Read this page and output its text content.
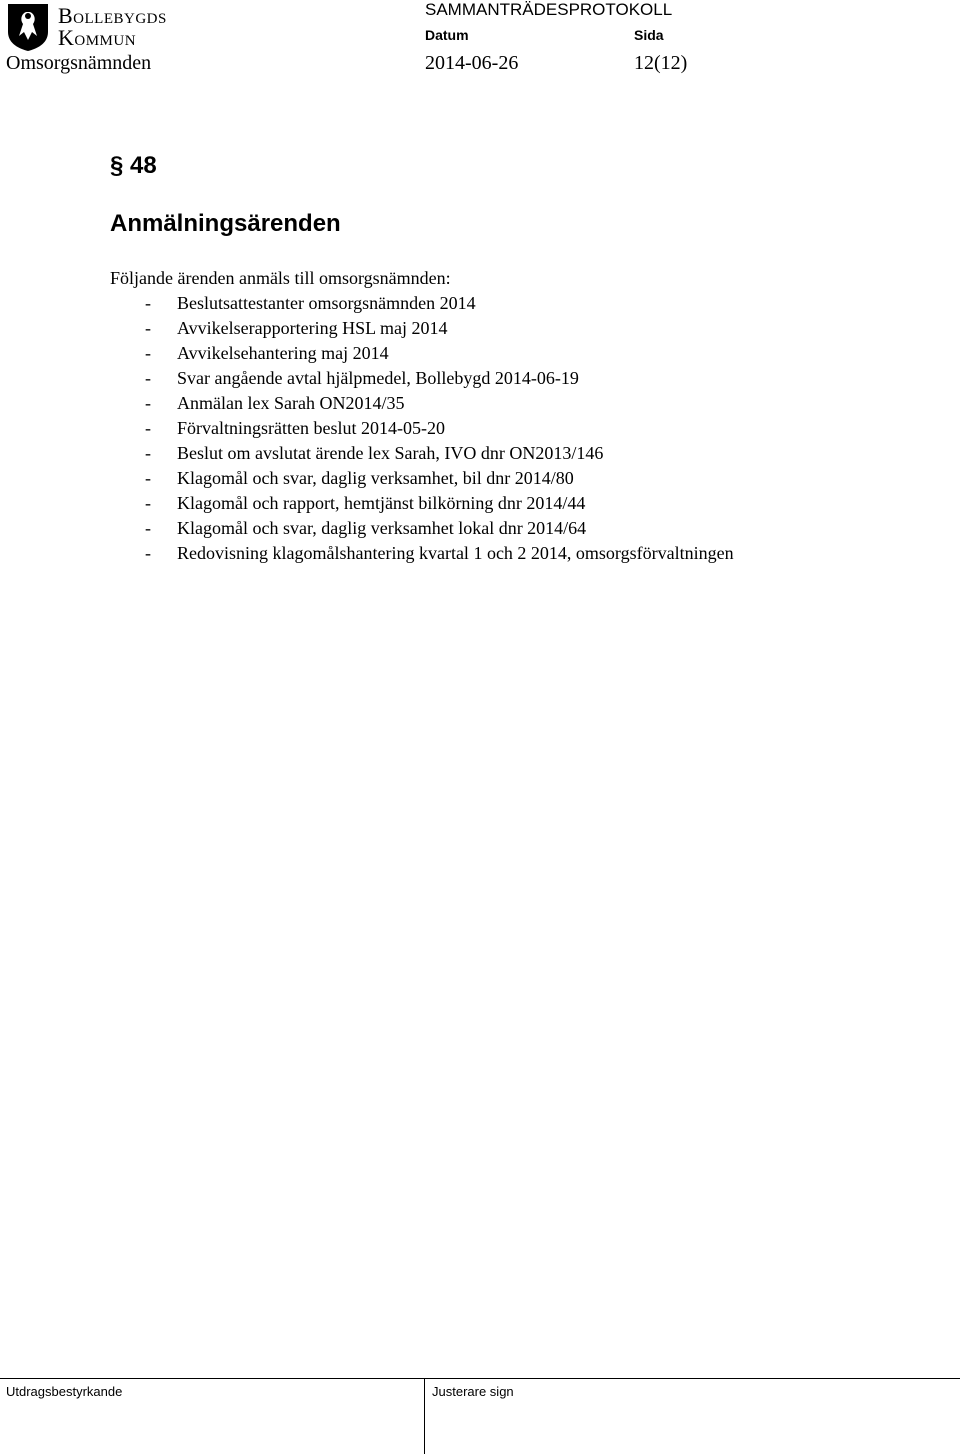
Bollebygds
Kommun
SAMMANTRÄDESPROTOKOLL
Datum	Sida
Omsorgsnämnden	2014-06-26	12(12)
§ 48
Anmälningsärenden
Följande ärenden anmäls till omsorgsnämnden:
- Beslutsattestanter omsorgsnämnden 2014
- Avvikelserapportering HSL maj 2014
- Avvikelsehantering maj 2014
- Svar angående avtal hjälpmedel, Bollebygd 2014-06-19
- Anmälan lex Sarah ON2014/35
- Förvaltningsrätten beslut 2014-05-20
- Beslut om avslutat ärende lex Sarah, IVO dnr ON2013/146
- Klagomål och svar, daglig verksamhet, bil dnr 2014/80
- Klagomål och rapport, hemtjänst bilkörning dnr 2014/44
- Klagomål och svar, daglig verksamhet lokal dnr 2014/64
- Redovisning klagomålshantering kvartal 1 och 2 2014, omsorgsförvaltningen
Utdragsbestyrkande	Justerare sign
